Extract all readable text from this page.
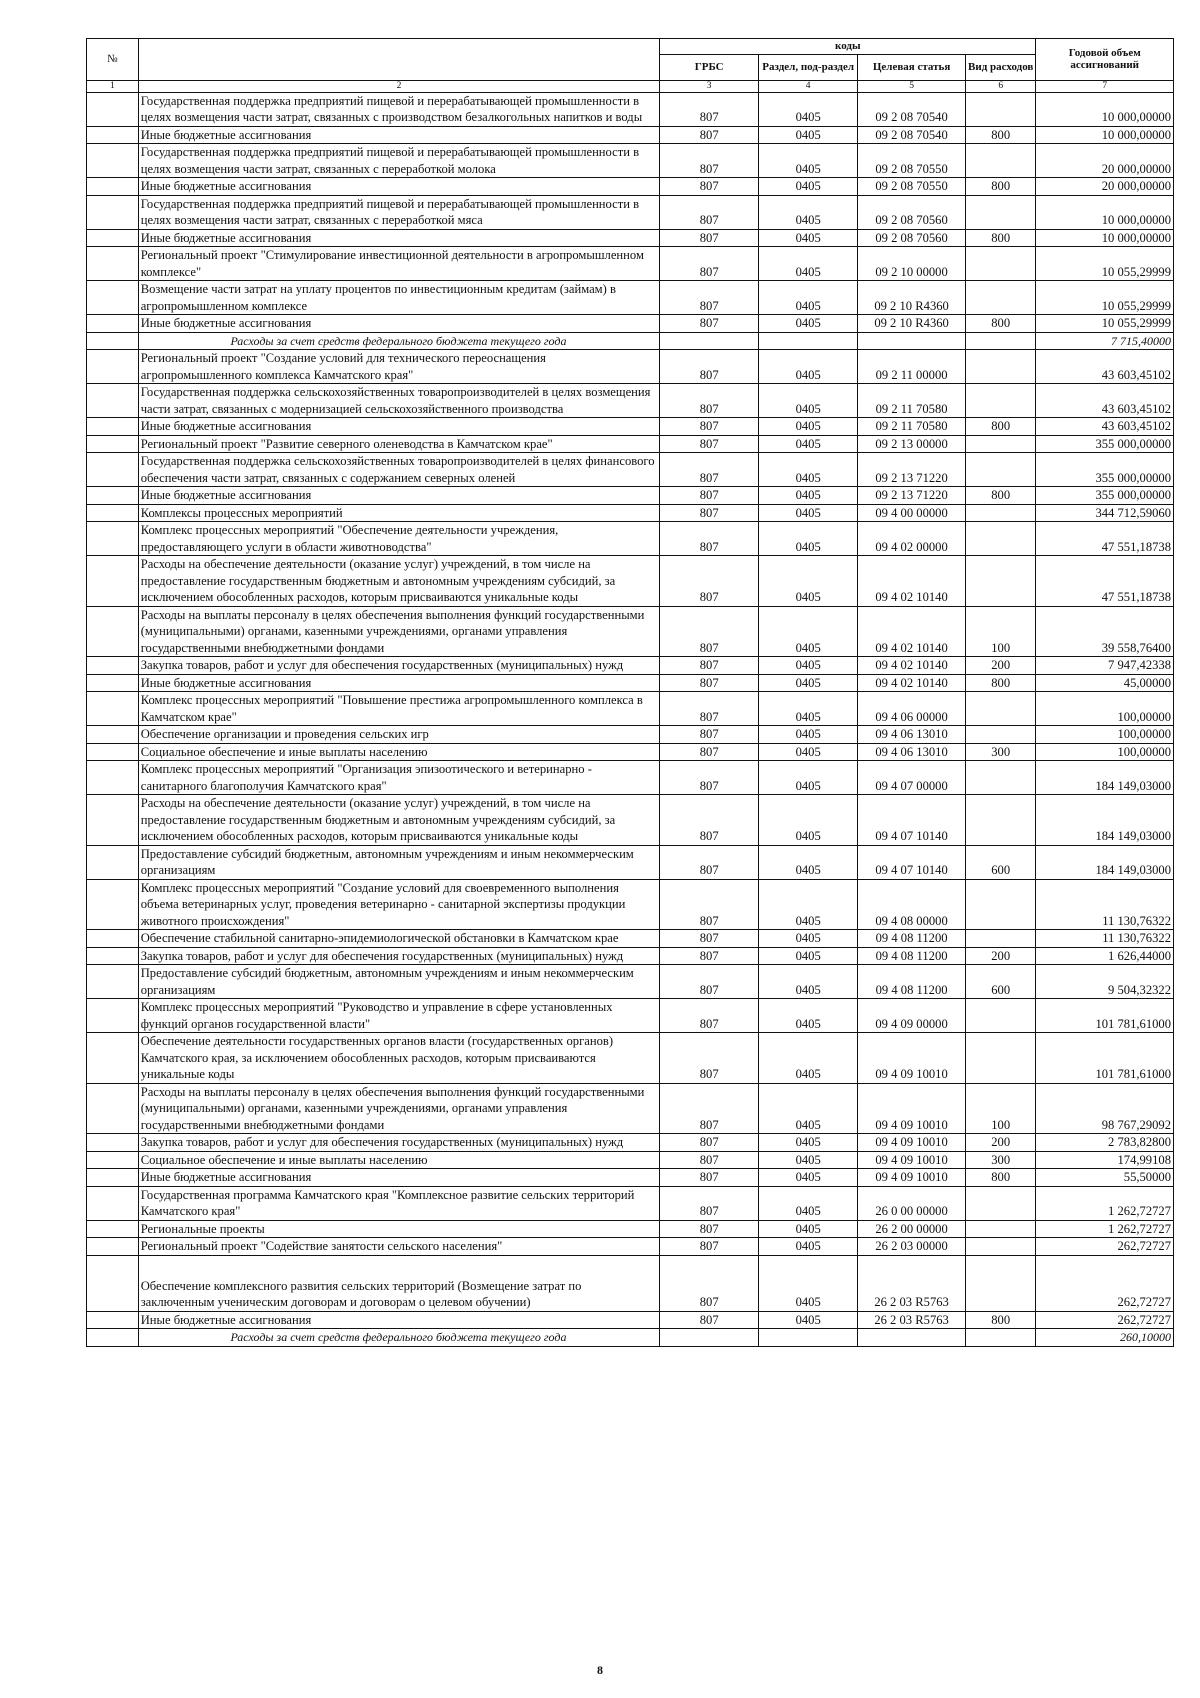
№		коды				Годовой объем ассигнований
		ГРБС	Раздел, под-раздел	Целевая статья	Вид расходов	
1	2	3	4	5	6	7
	Государственная поддержка предприятий пищевой и перерабатывающей промышленности в целях возмещения части затрат, связанных с производством безалкогольных напитков и воды	807	0405	09 2 08 70540		10 000,00000
	Иные бюджетные ассигнования	807	0405	09 2 08 70540	800	10 000,00000
	Государственная поддержка предприятий пищевой и перерабатывающей промышленности в целях возмещения части затрат, связанных с переработкой молока	807	0405	09 2 08 70550		20 000,00000
	Иные бюджетные ассигнования	807	0405	09 2 08 70550	800	20 000,00000
	Государственная поддержка предприятий пищевой и перерабатывающей промышленности в целях возмещения части затрат, связанных с переработкой мяса	807	0405	09 2 08 70560		10 000,00000
	Иные бюджетные ассигнования	807	0405	09 2 08 70560	800	10 000,00000
	Региональный проект "Стимулирование инвестиционной деятельности в агропромышленном комплексе"	807	0405	09 2 10 00000		10 055,29999
	Возмещение части затрат на уплату процентов по инвестиционным кредитам (займам) в агропромышленном комплексе	807	0405	09 2 10 R4360		10 055,29999
	Иные бюджетные ассигнования	807	0405	09 2 10 R4360	800	10 055,29999
	Расходы за счет средств федерального бюджета текущего года					7 715,40000
	Региональный проект "Создание условий для технического переоснащения агропромышленного комплекса Камчатского края"	807	0405	09 2 11 00000		43 603,45102
	Государственная поддержка сельскохозяйственных товаропроизводителей в целях возмещения части затрат, связанных с модернизацией сельскохозяйственного производства	807	0405	09 2 11 70580		43 603,45102
	Иные бюджетные ассигнования	807	0405	09 2 11 70580	800	43 603,45102
	Региональный проект "Развитие северного оленеводства в Камчатском крае"	807	0405	09 2 13 00000		355 000,00000
	Государственная поддержка сельскохозяйственных товаропроизводителей в целях финансового обеспечения части затрат, связанных с содержанием северных оленей	807	0405	09 2 13 71220		355 000,00000
	Иные бюджетные ассигнования	807	0405	09 2 13 71220	800	355 000,00000
	Комплексы процессных мероприятий	807	0405	09 4 00 00000		344 712,59060
	Комплекс процессных мероприятий "Обеспечение деятельности учреждения, предоставляющего услуги в области животноводства"	807	0405	09 4 02 00000		47 551,18738
	Расходы на обеспечение деятельности (оказание услуг) учреждений, в том числе на предоставление государственным бюджетным и автономным учреждениям субсидий, за исключением обособленных расходов, которым присваиваются уникальные коды	807	0405	09 4 02 10140		47 551,18738
	Расходы на выплаты персоналу в целях обеспечения выполнения функций государственными (муниципальными) органами, казенными учреждениями, органами управления государственными внебюджетными фондами	807	0405	09 4 02 10140	100	39 558,76400
	Закупка товаров, работ и услуг для обеспечения государственных (муниципальных) нужд	807	0405	09 4 02 10140	200	7 947,42338
	Иные бюджетные ассигнования	807	0405	09 4 02 10140	800	45,00000
	Комплекс процессных мероприятий "Повышение престижа агропромышленного комплекса в Камчатском крае"	807	0405	09 4 06 00000		100,00000
	Обеспечение организации и проведения сельских игр	807	0405	09 4 06 13010		100,00000
	Социальное обеспечение и иные выплаты населению	807	0405	09 4 06 13010	300	100,00000
	Комплекс процессных мероприятий "Организация эпизоотического и ветеринарно - санитарного благополучия Камчатского края"	807	0405	09 4 07 00000		184 149,03000
	Расходы на обеспечение деятельности (оказание услуг) учреждений, в том числе на предоставление государственным бюджетным и автономным учреждениям субсидий, за исключением обособленных расходов, которым присваиваются уникальные коды	807	0405	09 4 07 10140		184 149,03000
	Предоставление субсидий бюджетным, автономным учреждениям и иным некоммерческим организациям	807	0405	09 4 07 10140	600	184 149,03000
	Комплекс процессных мероприятий "Создание условий для своевременного выполнения объема ветеринарных услуг, проведения ветеринарно - санитарной экспертизы продукции животного происхождения"	807	0405	09 4 08 00000		11 130,76322
	Обеспечение стабильной санитарно-эпидемиологической обстановки в Камчатском крае	807	0405	09 4 08 11200		11 130,76322
	Закупка товаров, работ и услуг для обеспечения государственных (муниципальных) нужд	807	0405	09 4 08 11200	200	1 626,44000
	Предоставление субсидий бюджетным, автономным учреждениям и иным некоммерческим организациям	807	0405	09 4 08 11200	600	9 504,32322
	Комплекс процессных мероприятий "Руководство и управление в сфере установленных функций органов государственной власти"	807	0405	09 4 09 00000		101 781,61000
	Обеспечение деятельности государственных органов власти (государственных органов) Камчатского края, за исключением обособленных расходов, которым присваиваются уникальные коды	807	0405	09 4 09 10010		101 781,61000
	Расходы на выплаты персоналу в целях обеспечения выполнения функций государственными (муниципальными) органами, казенными учреждениями, органами управления государственными внебюджетными фондами	807	0405	09 4 09 10010	100	98 767,29092
	Закупка товаров, работ и услуг для обеспечения государственных (муниципальных) нужд	807	0405	09 4 09 10010	200	2 783,82800
	Социальное обеспечение и иные выплаты населению	807	0405	09 4 09 10010	300	174,99108
	Иные бюджетные ассигнования	807	0405	09 4 09 10010	800	55,50000
	Государственная программа Камчатского края "Комплексное развитие сельских территорий Камчатского края"	807	0405	26 0 00 00000		1 262,72727
	Региональные проекты	807	0405	26 2 00 00000		1 262,72727
	Региональный проект "Содействие занятости сельского населения"	807	0405	26 2 03 00000		262,72727
	Обеспечение комплексного развития сельских территорий (Возмещение затрат по заключенным ученическим договорам и договорам о целевом обучении)	807	0405	26 2 03 R5763		262,72727
	Иные бюджетные ассигнования	807	0405	26 2 03 R5763	800	262,72727
	Расходы за счет средств федерального бюджета текущего года					260,10000
8
